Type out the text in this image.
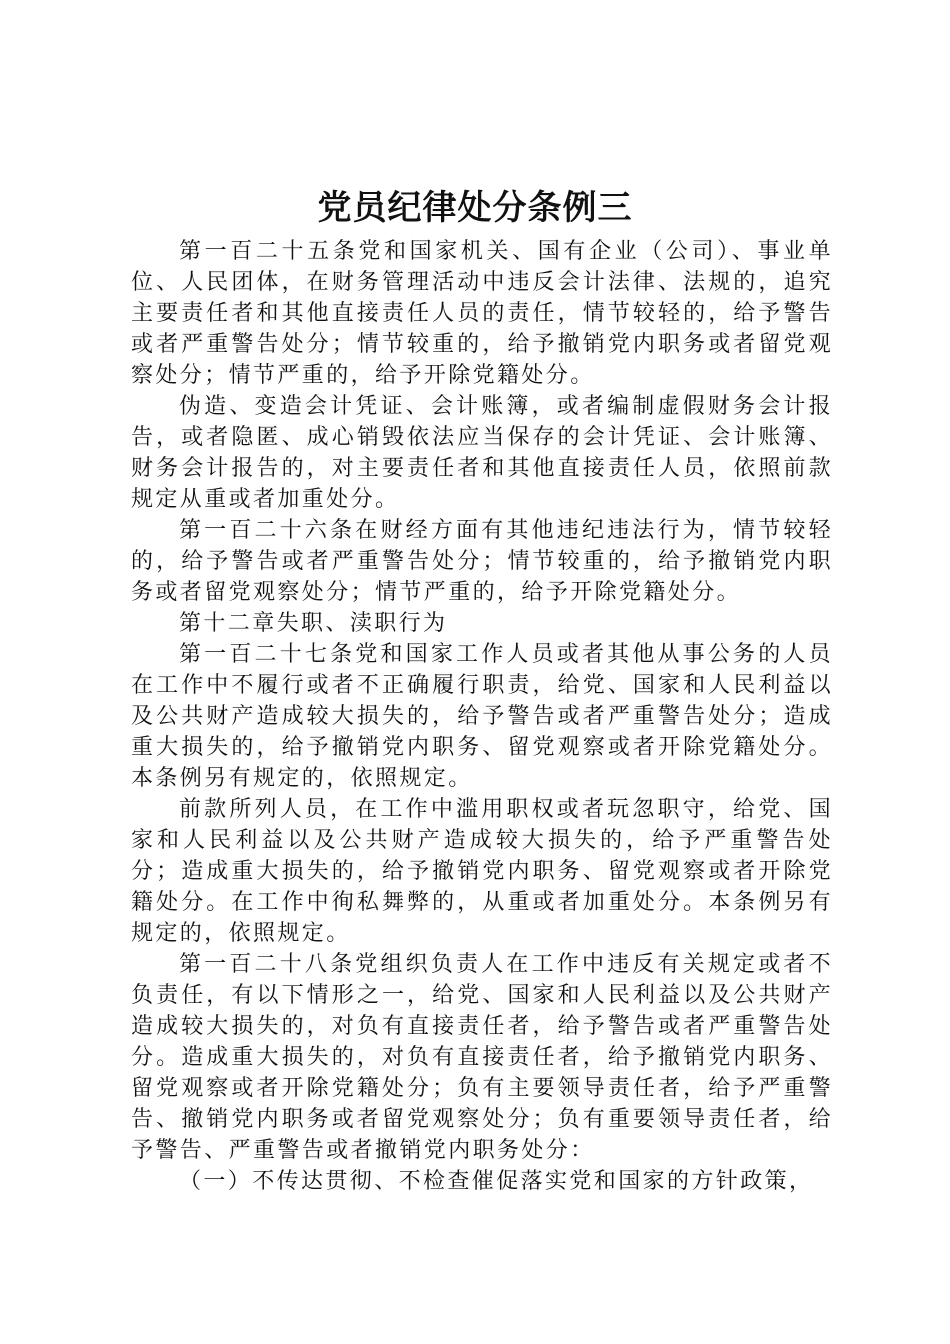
党员纪律处分条例三

第一百二十五条党和国家机关、国有企业（公司）、事业单位、人民团体，在财务管理活动中违反会计法律、法规的，追究主要责任者和其他直接责任人员的责任，情节较轻的，给予警告或者严重警告处分；情节较重的，给予撤销党内职务或者留党观察处分；情节严重的，给予开除党籍处分。

伪造、变造会计凭证、会计账簿，或者编制虚假财务会计报告，或者隐匿、成心销毁依法应当保存的会计凭证、会计账簿、财务会计报告的，对主要责任者和其他直接责任人员，依照前款规定从重或者加重处分。

第一百二十六条在财经方面有其他违纪违法行为，情节较轻的，给予警告或者严重警告处分；情节较重的，给予撤销党内职务或者留党观察处分；情节严重的，给予开除党籍处分。

第十二章失职、渎职行为

第一百二十七条党和国家工作人员或者其他从事公务的人员在工作中不履行或者不正确履行职责，给党、国家和人民利益以及公共财产造成较大损失的，给予警告或者严重警告处分；造成重大损失的，给予撤销党内职务、留党观察或者开除党籍处分。本条例另有规定的，依照规定。

前款所列人员，在工作中滥用职权或者玩忽职守，给党、国家和人民利益以及公共财产造成较大损失的，给予严重警告处分；造成重大损失的，给予撤销党内职务、留党观察或者开除党籍处分。在工作中徇私舞弊的，从重或者加重处分。本条例另有规定的，依照规定。

第一百二十八条党组织负责人在工作中违反有关规定或者不负责任，有以下情形之一，给党、国家和人民利益以及公共财产造成较大损失的，对负有直接责任者，给予警告或者严重警告处分。造成重大损失的，对负有直接责任者，给予撤销党内职务、留党观察或者开除党籍处分；负有主要领导责任者，给予严重警告、撤销党内职务或者留党观察处分；负有重要领导责任者，给予警告、严重警告或者撤销党内职务处分：

（一）不传达贯彻、不检查催促落实党和国家的方针政策，
